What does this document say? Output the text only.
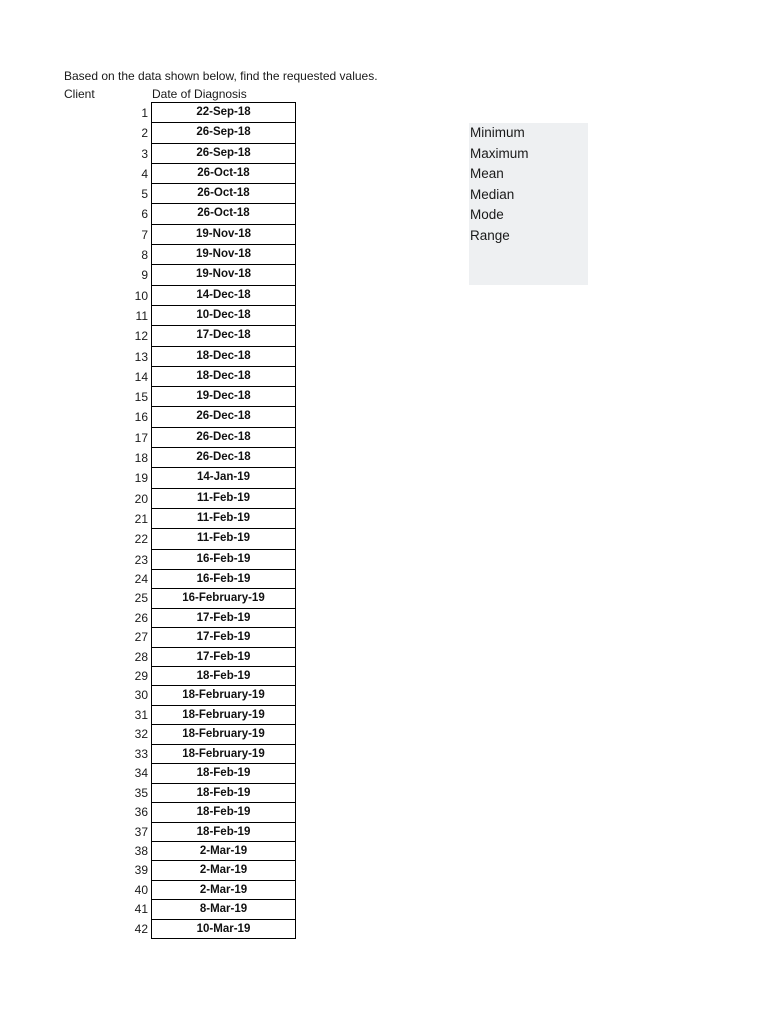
Based on the data shown below, find the requested values.
Client	Date of Diagnosis
1
2
3
4
5
6
7
8
9
10
11
12
13
14
15
16
17
18
19
20
21
22
23
24
25
26
27
28
29
30
31
32
33
34
35
36
37
38
39
40
41
42
22-Sep-18
26-Sep-18
26-Sep-18
26-Oct-18
26-Oct-18
26-Oct-18
19-Nov-18
19-Nov-18
19-Nov-18
14-Dec-18
10-Dec-18
17-Dec-18
18-Dec-18
18-Dec-18
19-Dec-18
26-Dec-18
26-Dec-18
26-Dec-18
14-Jan-19
11-Feb-19
11-Feb-19
11-Feb-19
16-Feb-19
16-Feb-19
16-February-19
17-Feb-19
17-Feb-19
17-Feb-19
18-Feb-19
18-February-19
18-February-19
18-February-19
18-February-19
18-Feb-19
18-Feb-19
18-Feb-19
18-Feb-19
2-Mar-19
2-Mar-19
2-Mar-19
8-Mar-19
10-Mar-19
Minimum
Maximum
Mean
Median
Mode
Range
